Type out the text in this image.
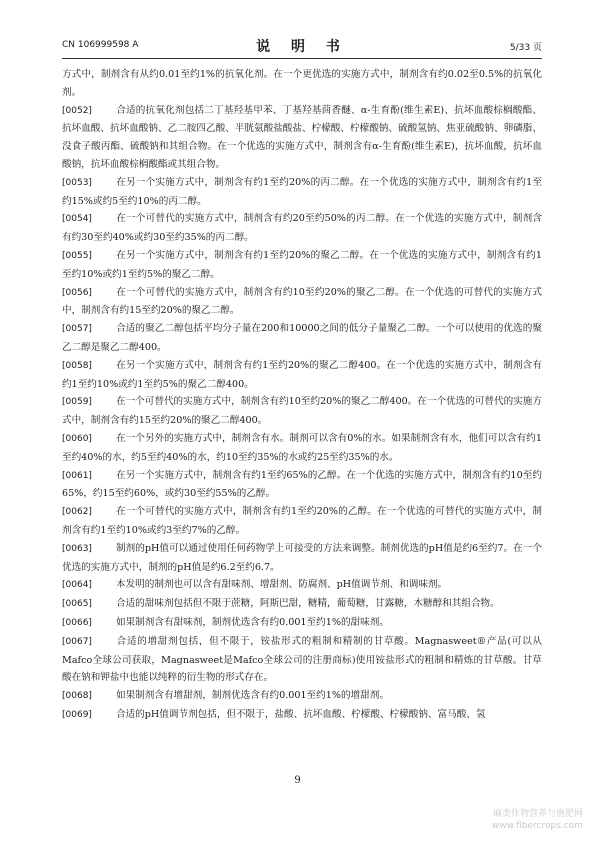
CN 106999598 A	说 明 书	5/33 页

方式中，制剂含有从约0.01至约1%的抗氧化剂。在一个更优选的实施方式中，制剂含有约0.02至0.5%的抗氧化剂。

[0052]	合适的抗氧化剂包括二丁基羟基甲苯、丁基羟基茴香醚、α-生育酚(维生素E)、抗坏血酸棕榈酸酯、抗坏血酸、抗坏血酸钠、乙二胺四乙酸、半胱氨酸盐酸盐、柠檬酸、柠檬酸钠、硫酸氢钠、焦亚硫酸钠、卵磷脂、没食子酸丙酯、硫酸钠和其组合物。在一个优选的实施方式中，制剂含有α-生育酚(维生素E)，抗坏血酸，抗坏血酸钠，抗坏血酸棕榈酸酯或其组合物。

[0053]	在另一个实施方式中，制剂含有约1至约20%的丙二醇。在一个优选的实施方式中，制剂含有约1至约15%或约5至约10%的丙二醇。

[0054]	在一个可替代的实施方式中，制剂含有约20至约50%的丙二醇。在一个优选的实施方式中，制剂含有约30至约40%或约30至约35%的丙二醇。

[0055]	在另一个实施方式中，制剂含有约1至约20%的聚乙二醇。在一个优选的实施方式中，制剂含有约1至约10%或约1至约5%的聚乙二醇。

[0056]	在一个可替代的实施方式中，制剂含有约10至约20%的聚乙二醇。在一个优选的可替代的实施方式中，制剂含有约15至约20%的聚乙二醇。

[0057]	合适的聚乙二醇包括平均分子量在200和10000之间的低分子量聚乙二醇。一个可以使用的优选的聚乙二醇是聚乙二醇400。

[0058]	在另一个实施方式中，制剂含有约1至约20%的聚乙二醇400。在一个优选的实施方式中，制剂含有约1至约10%或约1至约5%的聚乙二醇400。

[0059]	在一个可替代的实施方式中，制剂含有约10至约20%的聚乙二醇400。在一个优选的可替代的实施方式中，制剂含有约15至约20%的聚乙二醇400。

[0060]	在一个另外的实施方式中，制剂含有水。制剂可以含有0%的水。如果制剂含有水，他们可以含有约1至约40%的水，约5至约40%的水，约10至约35%的水或约25至约35%的水。

[0061]	在另一个实施方式中，制剂含有约1至约65%的乙醇。在一个优选的实施方式中，制剂含有约10至约65%，约15至约60%，或约30至约55%的乙醇。

[0062]	在一个可替代的实施方式中，制剂含有约1至约20%的乙醇。在一个优选的可替代的实施方式中，制剂含有约1至约10%或约3至约7%的乙醇。

[0063]	制剂的pH值可以通过使用任何药物学上可接受的方法来调整。制剂优选的pH值是约6至约7。在一个优选的实施方式中，制剂的pH值是约6.2至约6.7。

[0064]	本发明的制剂也可以含有甜味剂、增甜剂、防腐剂、pH值调节剂、和调味剂。

[0065]	合适的甜味剂包括但不限于蔗糖，阿斯巴甜，糖精，葡萄糖，甘露糖，木糖醇和其组合物。

[0066]	如果制剂含有甜味剂，制剂优选含有约0.001至约1%的甜味剂。

[0067]	合适的增甜剂包括，但不限于，铵盐形式的粗制和精制的甘草酸。Magnasweet®产品(可以从Mafco全球公司获取，Magnasweet是Mafco全球公司的注册商标)使用铵盐形式的粗制和精炼的甘草酸。甘草酸在钠和钾盐中也能以纯粹的衍生物的形式存在。

[0068]	如果制剂含有增甜剂，制剂优选含有约0.001至约1%的增甜剂。

[0069]	合适的pH值调节剂包括，但不限于，盐酸、抗坏血酸、柠檬酸、柠檬酸钠、富马酸、氢

9
麻类作物营养与施肥网
www.fibercrops.com
